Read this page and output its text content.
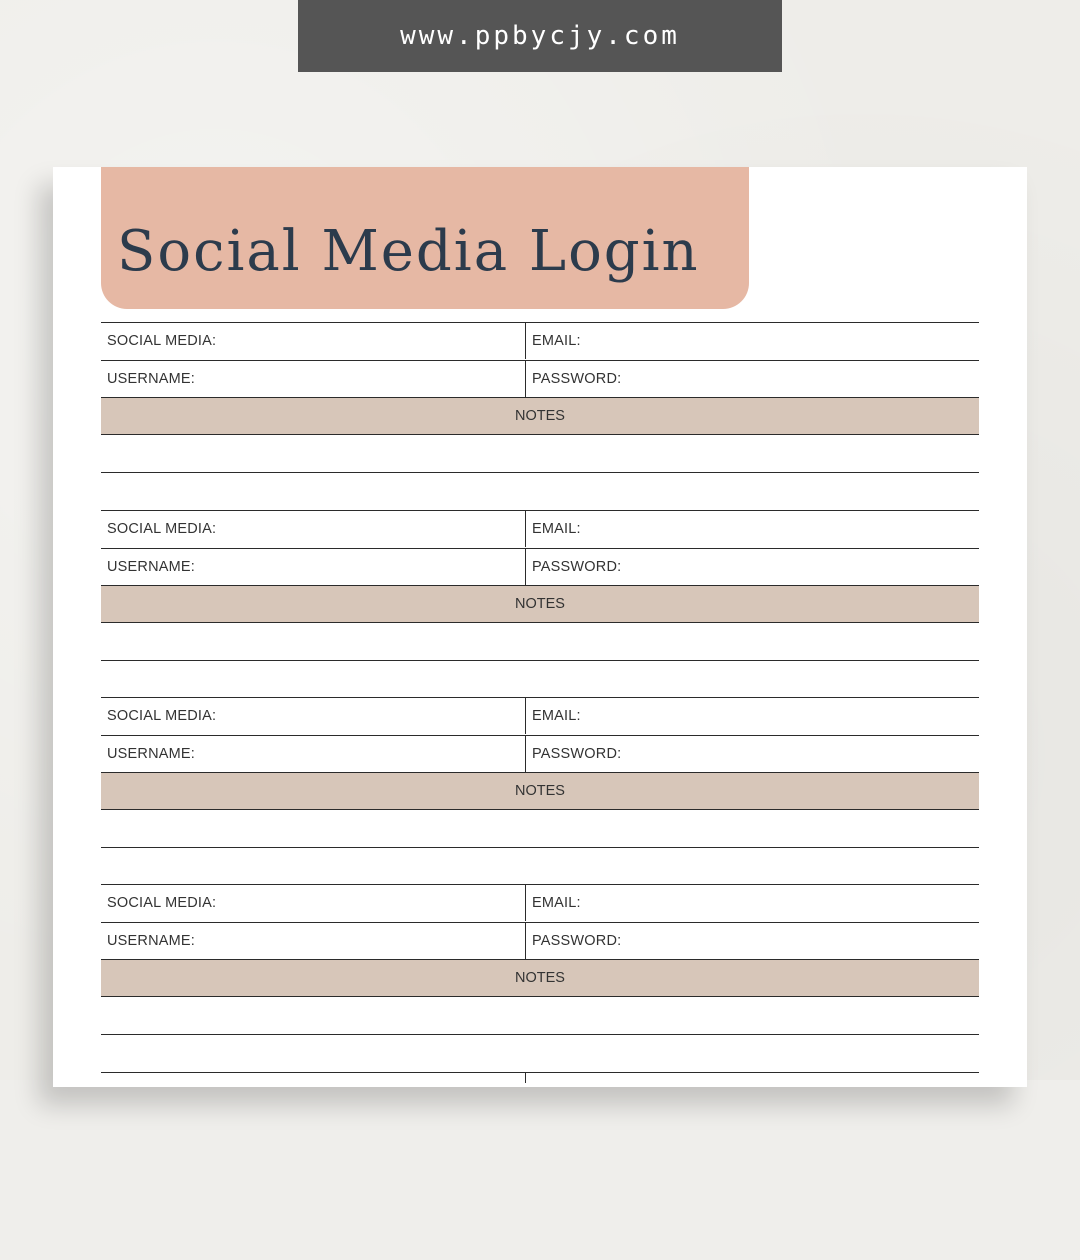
www.ppbycjy.com
Social Media Login
SOCIAL MEDIA:	EMAIL:
USERNAME:	PASSWORD:
NOTES
SOCIAL MEDIA:	EMAIL:
USERNAME:	PASSWORD:
NOTES
SOCIAL MEDIA:	EMAIL:
USERNAME:	PASSWORD:
NOTES
SOCIAL MEDIA:	EMAIL:
USERNAME:	PASSWORD:
NOTES
